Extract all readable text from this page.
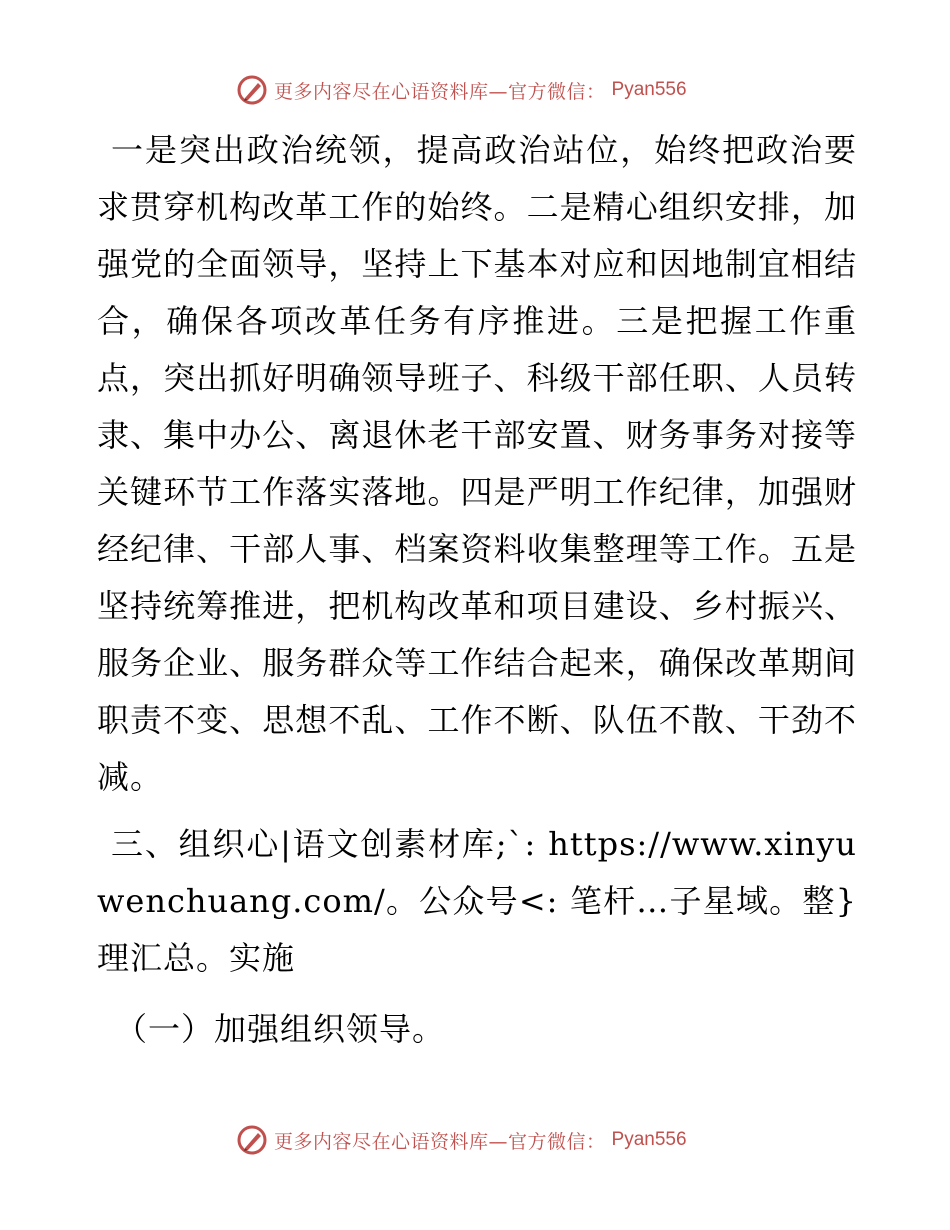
更多内容尽在心语资料库—官方微信： Pyan556

一是突出政治统领，提高政治站位，始终把政治要求贯穿机构改革工作的始终。二是精心组织安排，加强党的全面领导，坚持上下基本对应和因地制宜相结合，确保各项改革任务有序推进。三是把握工作重点，突出抓好明确领导班子、科级干部任职、人员转隶、集中办公、离退休老干部安置、财务事务对接等关键环节工作落实落地。四是严明工作纪律，加强财经纪律、干部人事、档案资料收集整理等工作。五是坚持统筹推进，把机构改革和项目建设、乡村振兴、服务企业、服务群众等工作结合起来，确保改革期间职责不变、思想不乱、工作不断、队伍不散、干劲不减。

三、组织心|语文创素材库;`: https://www.xinyuwenchuang.com/。公众号<: 笔杆…子星域。整}理汇总。实施

（一）加强组织领导。

更多内容尽在心语资料库—官方微信： Pyan556
